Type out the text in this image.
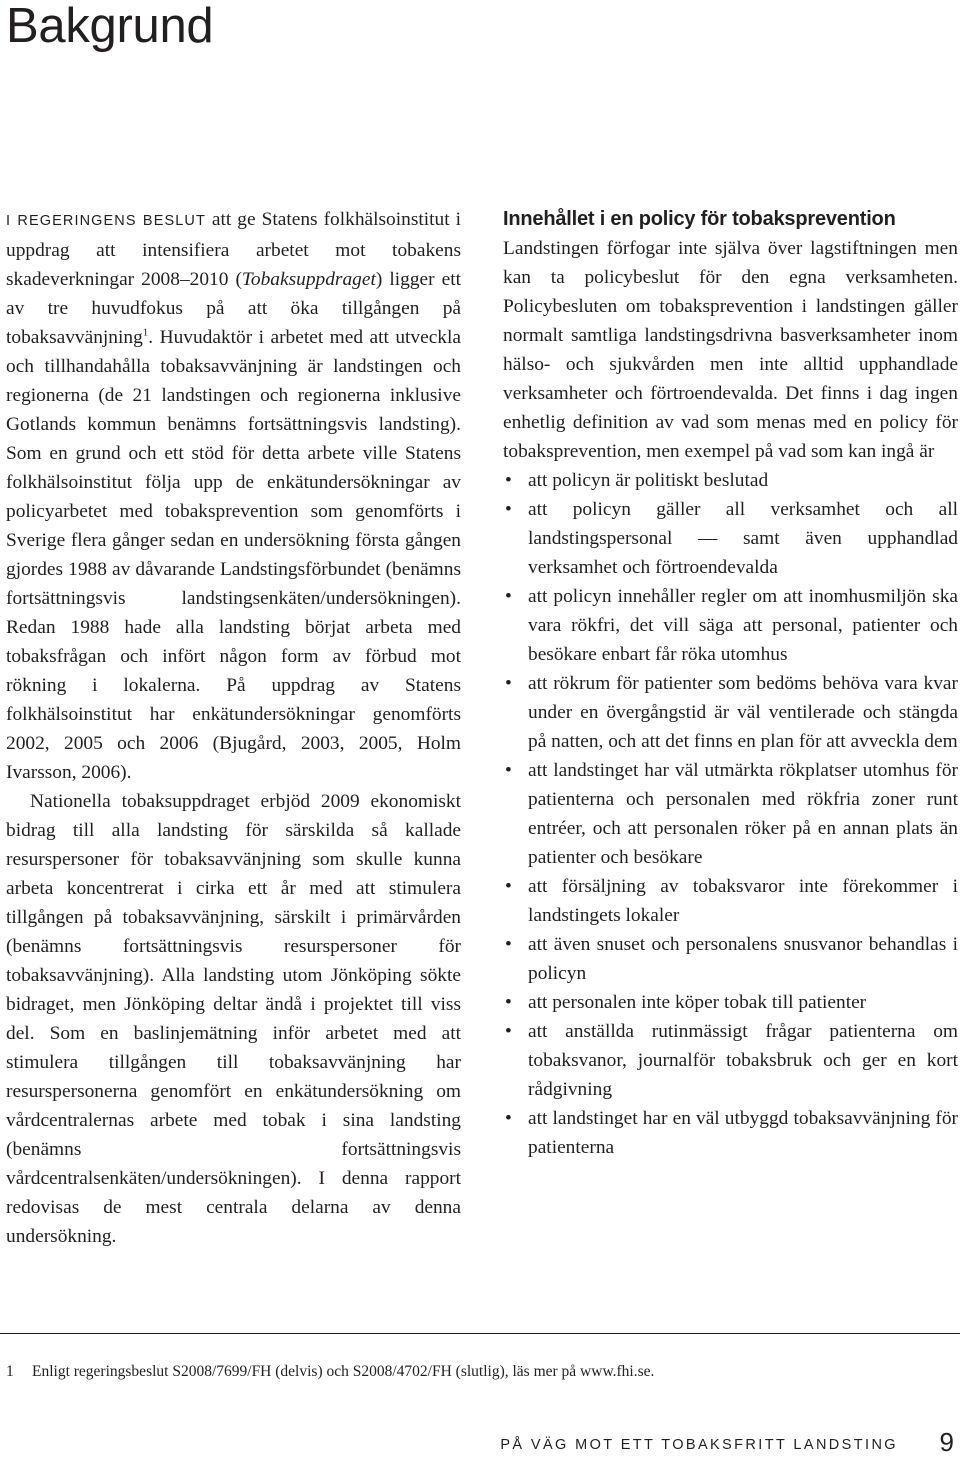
Bakgrund

I REGERINGENS BESLUT att ge Statens folkhälsoinstitut i uppdrag att intensifiera arbetet mot tobakens skadeverkningar 2008–2010 (Tobaksuppdraget) ligger ett av tre huvudfokus på att öka tillgången på tobaksavvänjning$^1$. Huvudaktör i arbetet med att utveckla och tillhandahålla tobaksavvänjning är landstingen och regionerna (de 21 landstingen och regionerna inklusive Gotlands kommun benämns fortsättningsvis landsting). Som en grund och ett stöd för detta arbete ville Statens folkhälsoinstitut följa upp de enkätundersökningar av policyarbetet med tobaksprevention som genomförts i Sverige flera gånger sedan en undersökning första gången gjordes 1988 av dåvarande Landstingsförbundet (benämns fortsättningsvis landstingsenkäten/undersökningen). Redan 1988 hade alla landsting börjat arbeta med tobaksfrågan och infört någon form av förbud mot rökning i lokalerna. På uppdrag av Statens folkhälsoinstitut har enkätundersökningar genomförts 2002, 2005 och 2006 (Bjugård, 2003, 2005, Holm Ivarsson, 2006).

Nationella tobaksuppdraget erbjöd 2009 ekonomiskt bidrag till alla landsting för särskilda så kallade resurspersoner för tobaksavvänjning som skulle kunna arbeta koncentrerat i cirka ett år med att stimulera tillgången på tobaksavvänjning, särskilt i primärvården (benämns fortsättningsvis resurspersoner för tobaksavvänjning). Alla landsting utom Jönköping sökte bidraget, men Jönköping deltar ändå i projektet till viss del. Som en baslinjemätning inför arbetet med att stimulera tillgången till tobaksavvänjning har resurspersonerna genomfört en enkätundersökning om vårdcentralernas arbete med tobak i sina landsting (benämns fortsättningsvis vårdcentralsenkäten/undersökningen). I denna rapport redovisas de mest centrala delarna av denna undersökning.

Innehållet i en policy för tobaksprevention

Landstingen förfogar inte själva över lagstiftningen men kan ta policybeslut för den egna verksamheten. Policybesluten om tobaksprevention i landstingen gäller normalt samtliga landstingsdrivna basverksamheter inom hälso- och sjukvården men inte alltid upphandlade verksamheter och förtroendevalda. Det finns i dag ingen enhetlig definition av vad som menas med en policy för tobaksprevention, men exempel på vad som kan ingå är

• att policyn är politiskt beslutad
• att policyn gäller all verksamhet och all landstingspersonal — samt även upphandlad verksamhet och förtroendevalda
• att policyn innehåller regler om att inomhusmiljön ska vara rökfri, det vill säga att personal, patienter och besökare enbart får röka utomhus
• att rökrum för patienter som bedöms behöva vara kvar under en övergångstid är väl ventilerade och stängda på natten, och att det finns en plan för att avveckla dem
• att landstinget har väl utmärkta rökplatser utomhus för patienterna och personalen med rökfria zoner runt entréer, och att personalen röker på en annan plats än patienter och besökare
• att försäljning av tobaksvaror inte förekommer i landstingets lokaler
• att även snuset och personalens snusvanor behandlas i policyn
• att personalen inte köper tobak till patienter
• att anställda rutinmässigt frågar patienterna om tobaksvanor, journalför tobaksbruk och ger en kort rådgivning
• att landstinget har en väl utbyggd tobaksavvänjning för patienterna

1 Enligt regeringsbeslut S2008/7699/FH (delvis) och S2008/4702/FH (slutlig), läs mer på www.fhi.se.

PÅ VÄG MOT ETT TOBAKSFRITT LANDSTING 9
